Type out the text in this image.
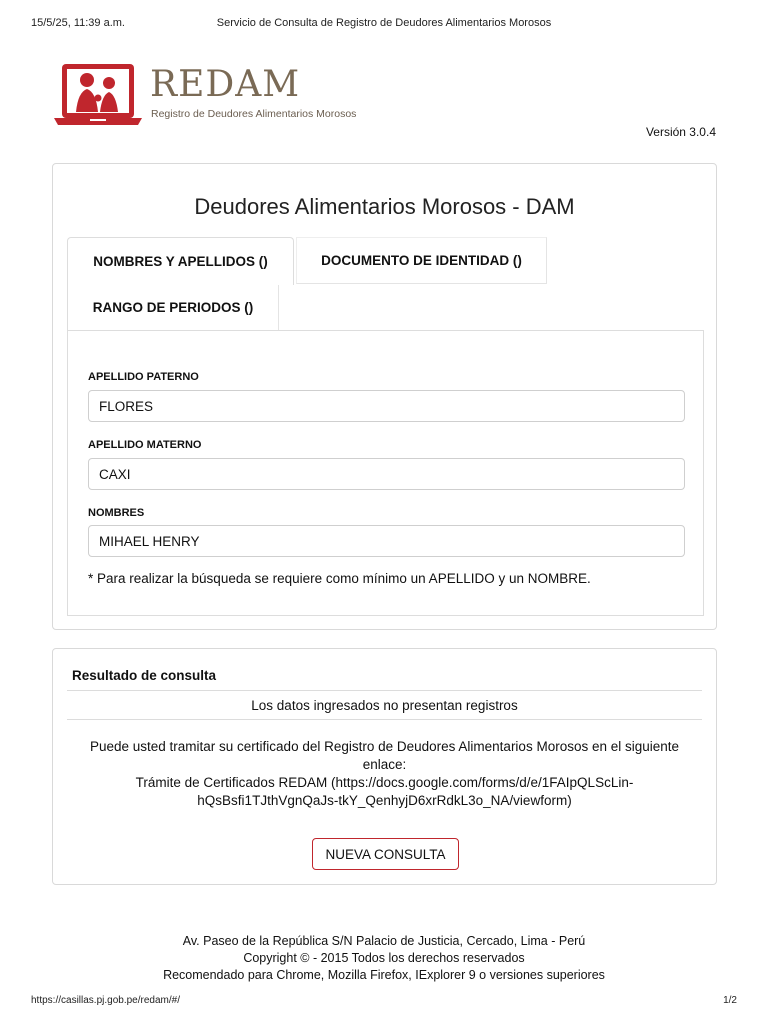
15/5/25, 11:39 a.m.	Servicio de Consulta de Registro de Deudores Alimentarios Morosos
REDAM
Registro de Deudores Alimentarios Morosos
Versión 3.0.4
Deudores Alimentarios Morosos - DAM
NOMBRES Y APELLIDOS ()	DOCUMENTO DE IDENTIDAD ()
RANGO DE PERIODOS ()
APELLIDO PATERNO
FLORES
APELLIDO MATERNO
CAXI
NOMBRES
MIHAEL HENRY
* Para realizar la búsqueda se requiere como mínimo un APELLIDO y un NOMBRE.
Resultado de consulta
Los datos ingresados no presentan registros
Puede usted tramitar su certificado del Registro de Deudores Alimentarios Morosos en el siguiente
enlace:
Trámite de Certificados REDAM (https://docs.google.com/forms/d/e/1FAIpQLScLin-
hQsBsfi1TJthVgnQaJs-tkY_QenhyjD6xrRdkL3o_NA/viewform)
NUEVA CONSULTA
Av. Paseo de la República S/N Palacio de Justicia, Cercado, Lima - Perú
Copyright © - 2015 Todos los derechos reservados
Recomendado para Chrome, Mozilla Firefox, IExplorer 9 o versiones superiores
https://casillas.pj.gob.pe/redam/#/	1/2
